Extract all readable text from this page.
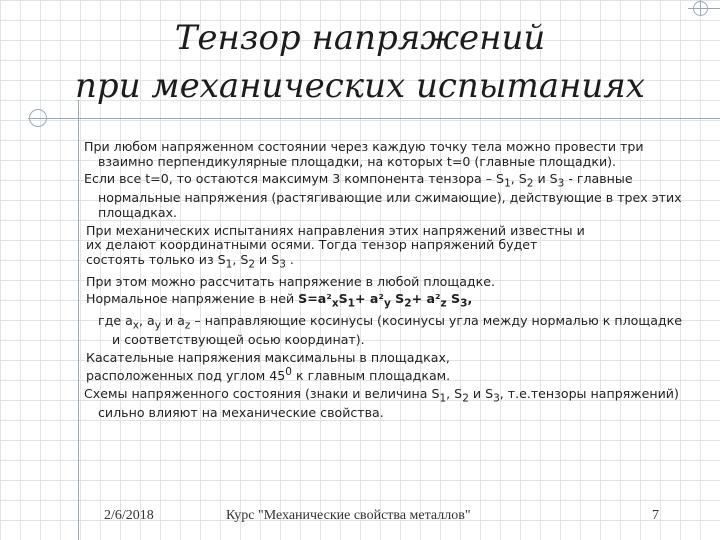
Тензор напряжений
при механических испытаниях
При любом напряженном состоянии через каждую точку тела можно провести три взаимно перпендикулярные площадки, на которых t=0 (главные площадки).
Если все t=0, то остаются максимум 3 компонента тензора – $S_1$, $S_2$ и $S_3$ - главные нормальные напряжения (растягивающие или сжимающие), действующие в трех этих площадках.
При механических испытаниях направления этих напряжений известны и
их делают координатными осями. Тогда тензор напряжений будет
состоять только из $S_1$, $S_2$ и $S_3$ .
При этом можно рассчитать напряжение в любой площадке.
Нормальное напряжение в ней $S=a^2_xS_1+ a^2_y$ $S_2+ a^2_z$ $S_3$,
где $a_x$, $a_y$ и $a_z$ – направляющие косинусы (косинусы угла между нормалью к площадке и соответствующей осью координат).
Касательные напряжения максимальны в площадках,
расположенных под углом $45^0$ к главным площадкам.
Схемы напряженного состояния (знаки и величина $S_1$, $S_2$ и $S_3$, т.е.тензоры напряжений) сильно влияют на механические свойства.
2/6/2018	Курс "Механические свойства металлов"	7
